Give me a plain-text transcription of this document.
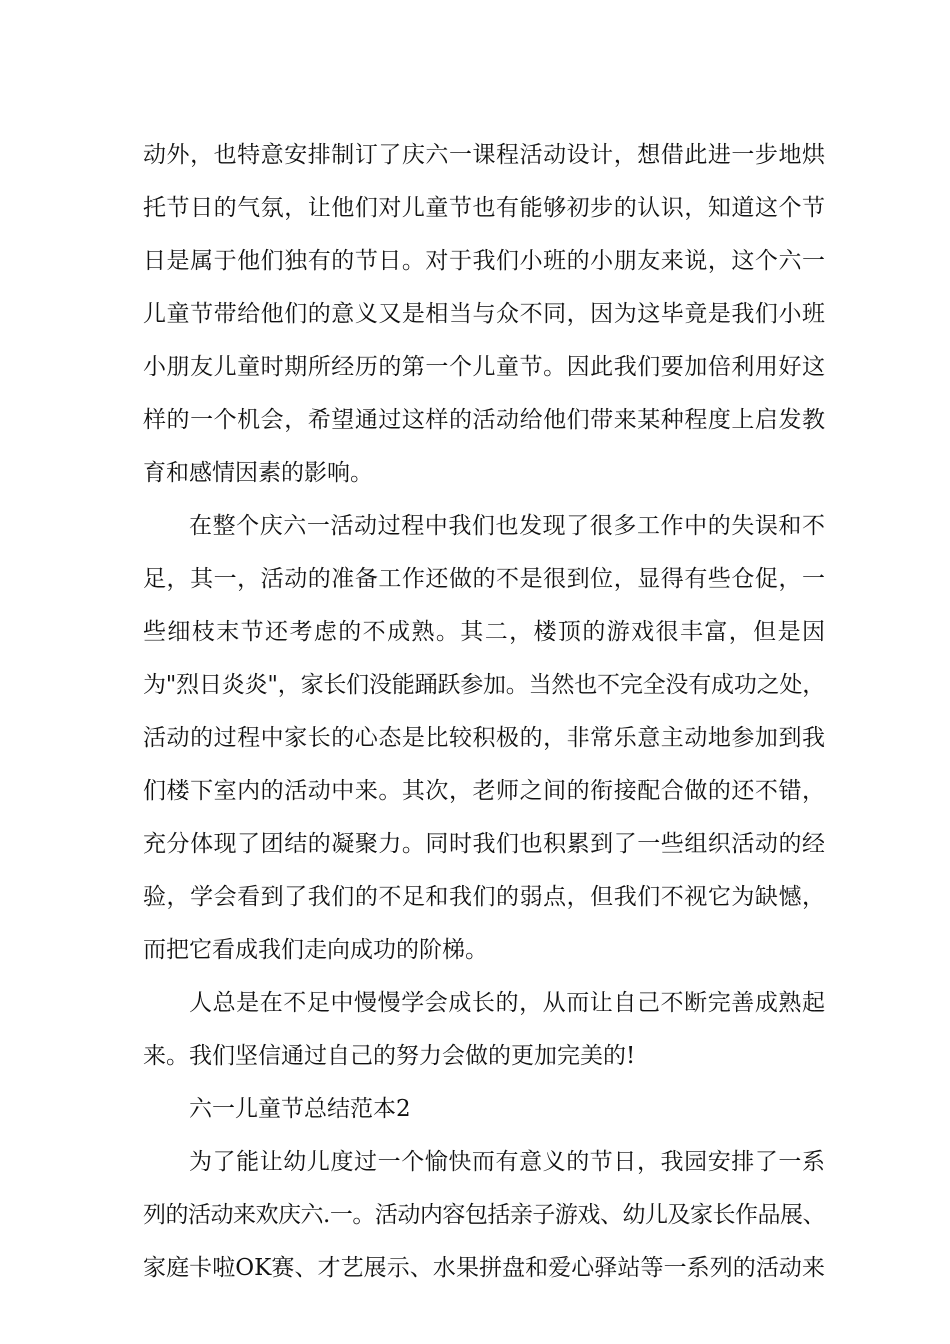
动外，也特意安排制订了庆六一课程活动设计，想借此进一步地烘
托节日的气氛，让他们对儿童节也有能够初步的认识，知道这个节
日是属于他们独有的节日。对于我们小班的小朋友来说，这个六一
儿童节带给他们的意义又是相当与众不同，因为这毕竟是我们小班
小朋友儿童时期所经历的第一个儿童节。因此我们要加倍利用好这
样的一个机会，希望通过这样的活动给他们带来某种程度上启发教
育和感情因素的影响。
在整个庆六一活动过程中我们也发现了很多工作中的失误和不
足，其一，活动的准备工作还做的不是很到位，显得有些仓促，一
些细枝末节还考虑的不成熟。其二，楼顶的游戏很丰富，但是因
为"烈日炎炎"，家长们没能踊跃参加。当然也不完全没有成功之处，
活动的过程中家长的心态是比较积极的，非常乐意主动地参加到我
们楼下室内的活动中来。其次，老师之间的衔接配合做的还不错，
充分体现了团结的凝聚力。同时我们也积累到了一些组织活动的经
验，学会看到了我们的不足和我们的弱点，但我们不视它为缺憾，
而把它看成我们走向成功的阶梯。
人总是在不足中慢慢学会成长的，从而让自己不断完善成熟起
来。我们坚信通过自己的努力会做的更加完美的!
六一儿童节总结范本2
为了能让幼儿度过一个愉快而有意义的节日，我园安排了一系
列的活动来欢庆六.一。活动内容包括亲子游戏、幼儿及家长作品展、
家庭卡啦OK赛、才艺展示、水果拼盘和爱心驿站等一系列的活动来
